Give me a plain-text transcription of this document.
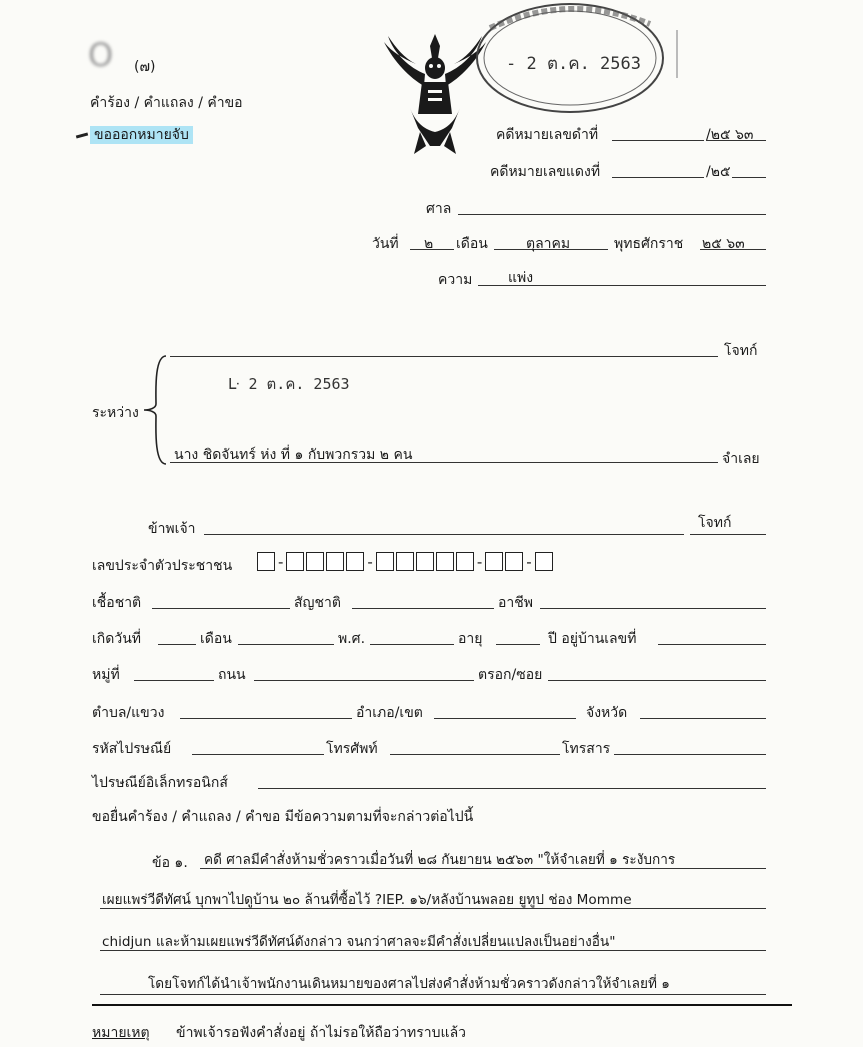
O (๗)
คำร้อง / คำแถลง / คำขอ
ขอออกหมายจับ
- 2 ต.ค. 2563
คดีหมายเลขดำที่	/๒๕ ๖๓
คดีหมายเลขแดงที่	/๒๕
ศาล
วันที่ ๒ เดือน	ตุลาคม	พุทธศักราช ๒๕ ๖๓
ความ	แพ่ง
โจทก์
ระหว่าง
ᒷ 2 ต.ค. 2563
นาง ชิดจันทร์ ห่ง ที่ ๑ กับพวกรวม ๒ คน	จำเลย
ข้าพเจ้า	โจทก์
เลขประจำตัวประชาชน	-	-	-	-
เชื้อชาติ	สัญชาติ	อาชีพ
เกิดวันที่	เดือน	พ.ศ.	อายุ	ปี อยู่บ้านเลขที่
หมู่ที่	ถนน	ตรอก/ซอย
ตำบล/แขวง	อำเภอ/เขต	จังหวัด
รหัสไปรษณีย์	โทรศัพท์	โทรสาร
ไปรษณีย์อิเล็กทรอนิกส์
ขอยื่นคำร้อง / คำแถลง / คำขอ มีข้อความตามที่จะกล่าวต่อไปนี้
ข้อ ๑. คดี ศาลมีคำสั่งห้ามชั่วคราวเมื่อวันที่ ๒๘ กันยายน ๒๕๖๓ "ให้จำเลยที่ ๑ ระงับการ
เผยแพร่วีดีทัศน์ บุกพาไปดูบ้าน ๒๐ ล้านที่ซื้อไว้ ?IEP. ๑๖/หลังบ้านพลอย ยูทูป ช่อง Momme
chidjun และห้ามเผยแพร่วีดีทัศน์ดังกล่าว จนกว่าศาลจะมีคำสั่งเปลี่ยนแปลงเป็นอย่างอื่น"
โดยโจทก์ได้นำเจ้าพนักงานเดินหมายของศาลไปส่งคำสั่งห้ามชั่วคราวดังกล่าวให้จำเลยที่ ๑
หมายเหตุ ข้าพเจ้ารอฟังคำสั่งอยู่ ถ้าไม่รอให้ถือว่าทราบแล้ว
